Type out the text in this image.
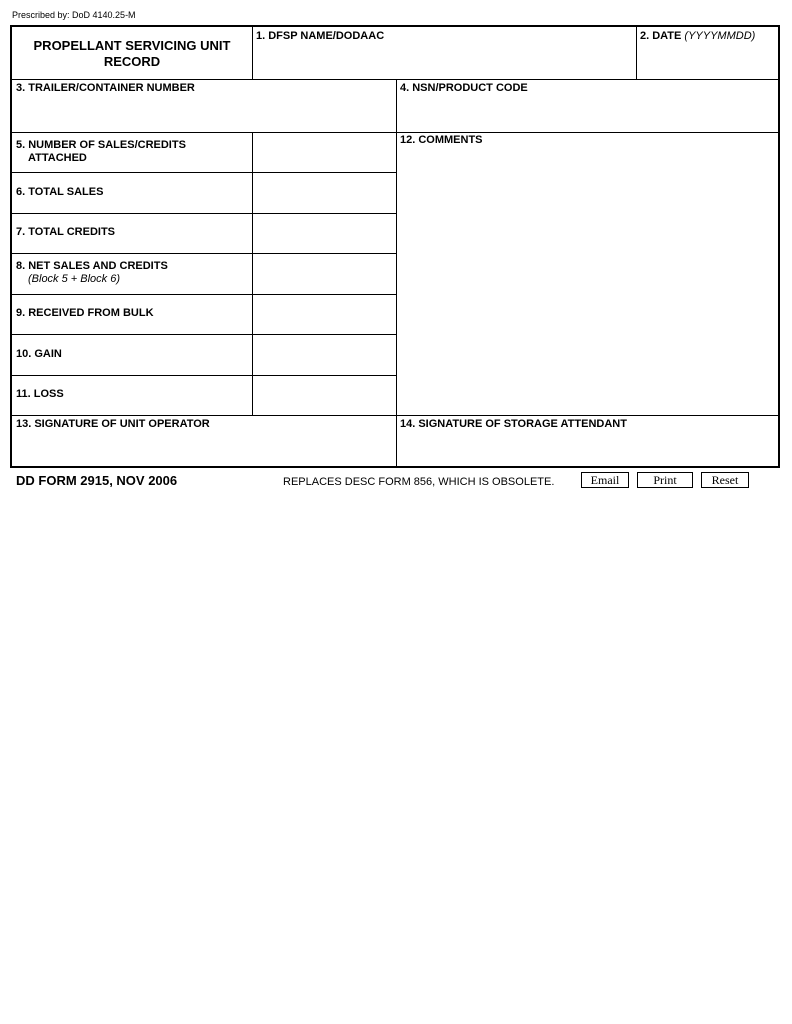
Prescribed by: DoD 4140.25-M
PROPELLANT SERVICING UNIT RECORD
1. DFSP NAME/DODAAC	2. DATE (YYYYMMDD)
3. TRAILER/CONTAINER NUMBER	4. NSN/PRODUCT CODE
5. NUMBER OF SALES/CREDITS
ATTACHED
6. TOTAL SALES
7. TOTAL CREDITS
8. NET SALES AND CREDITS
(Block 5 + Block 6)
9. RECEIVED FROM BULK
10. GAIN
11. LOSS
12. COMMENTS
13. SIGNATURE OF UNIT OPERATOR	14. SIGNATURE OF STORAGE ATTENDANT
DD FORM 2915, NOV 2006	REPLACES DESC FORM 856, WHICH IS OBSOLETE.	Email	Print	Reset
